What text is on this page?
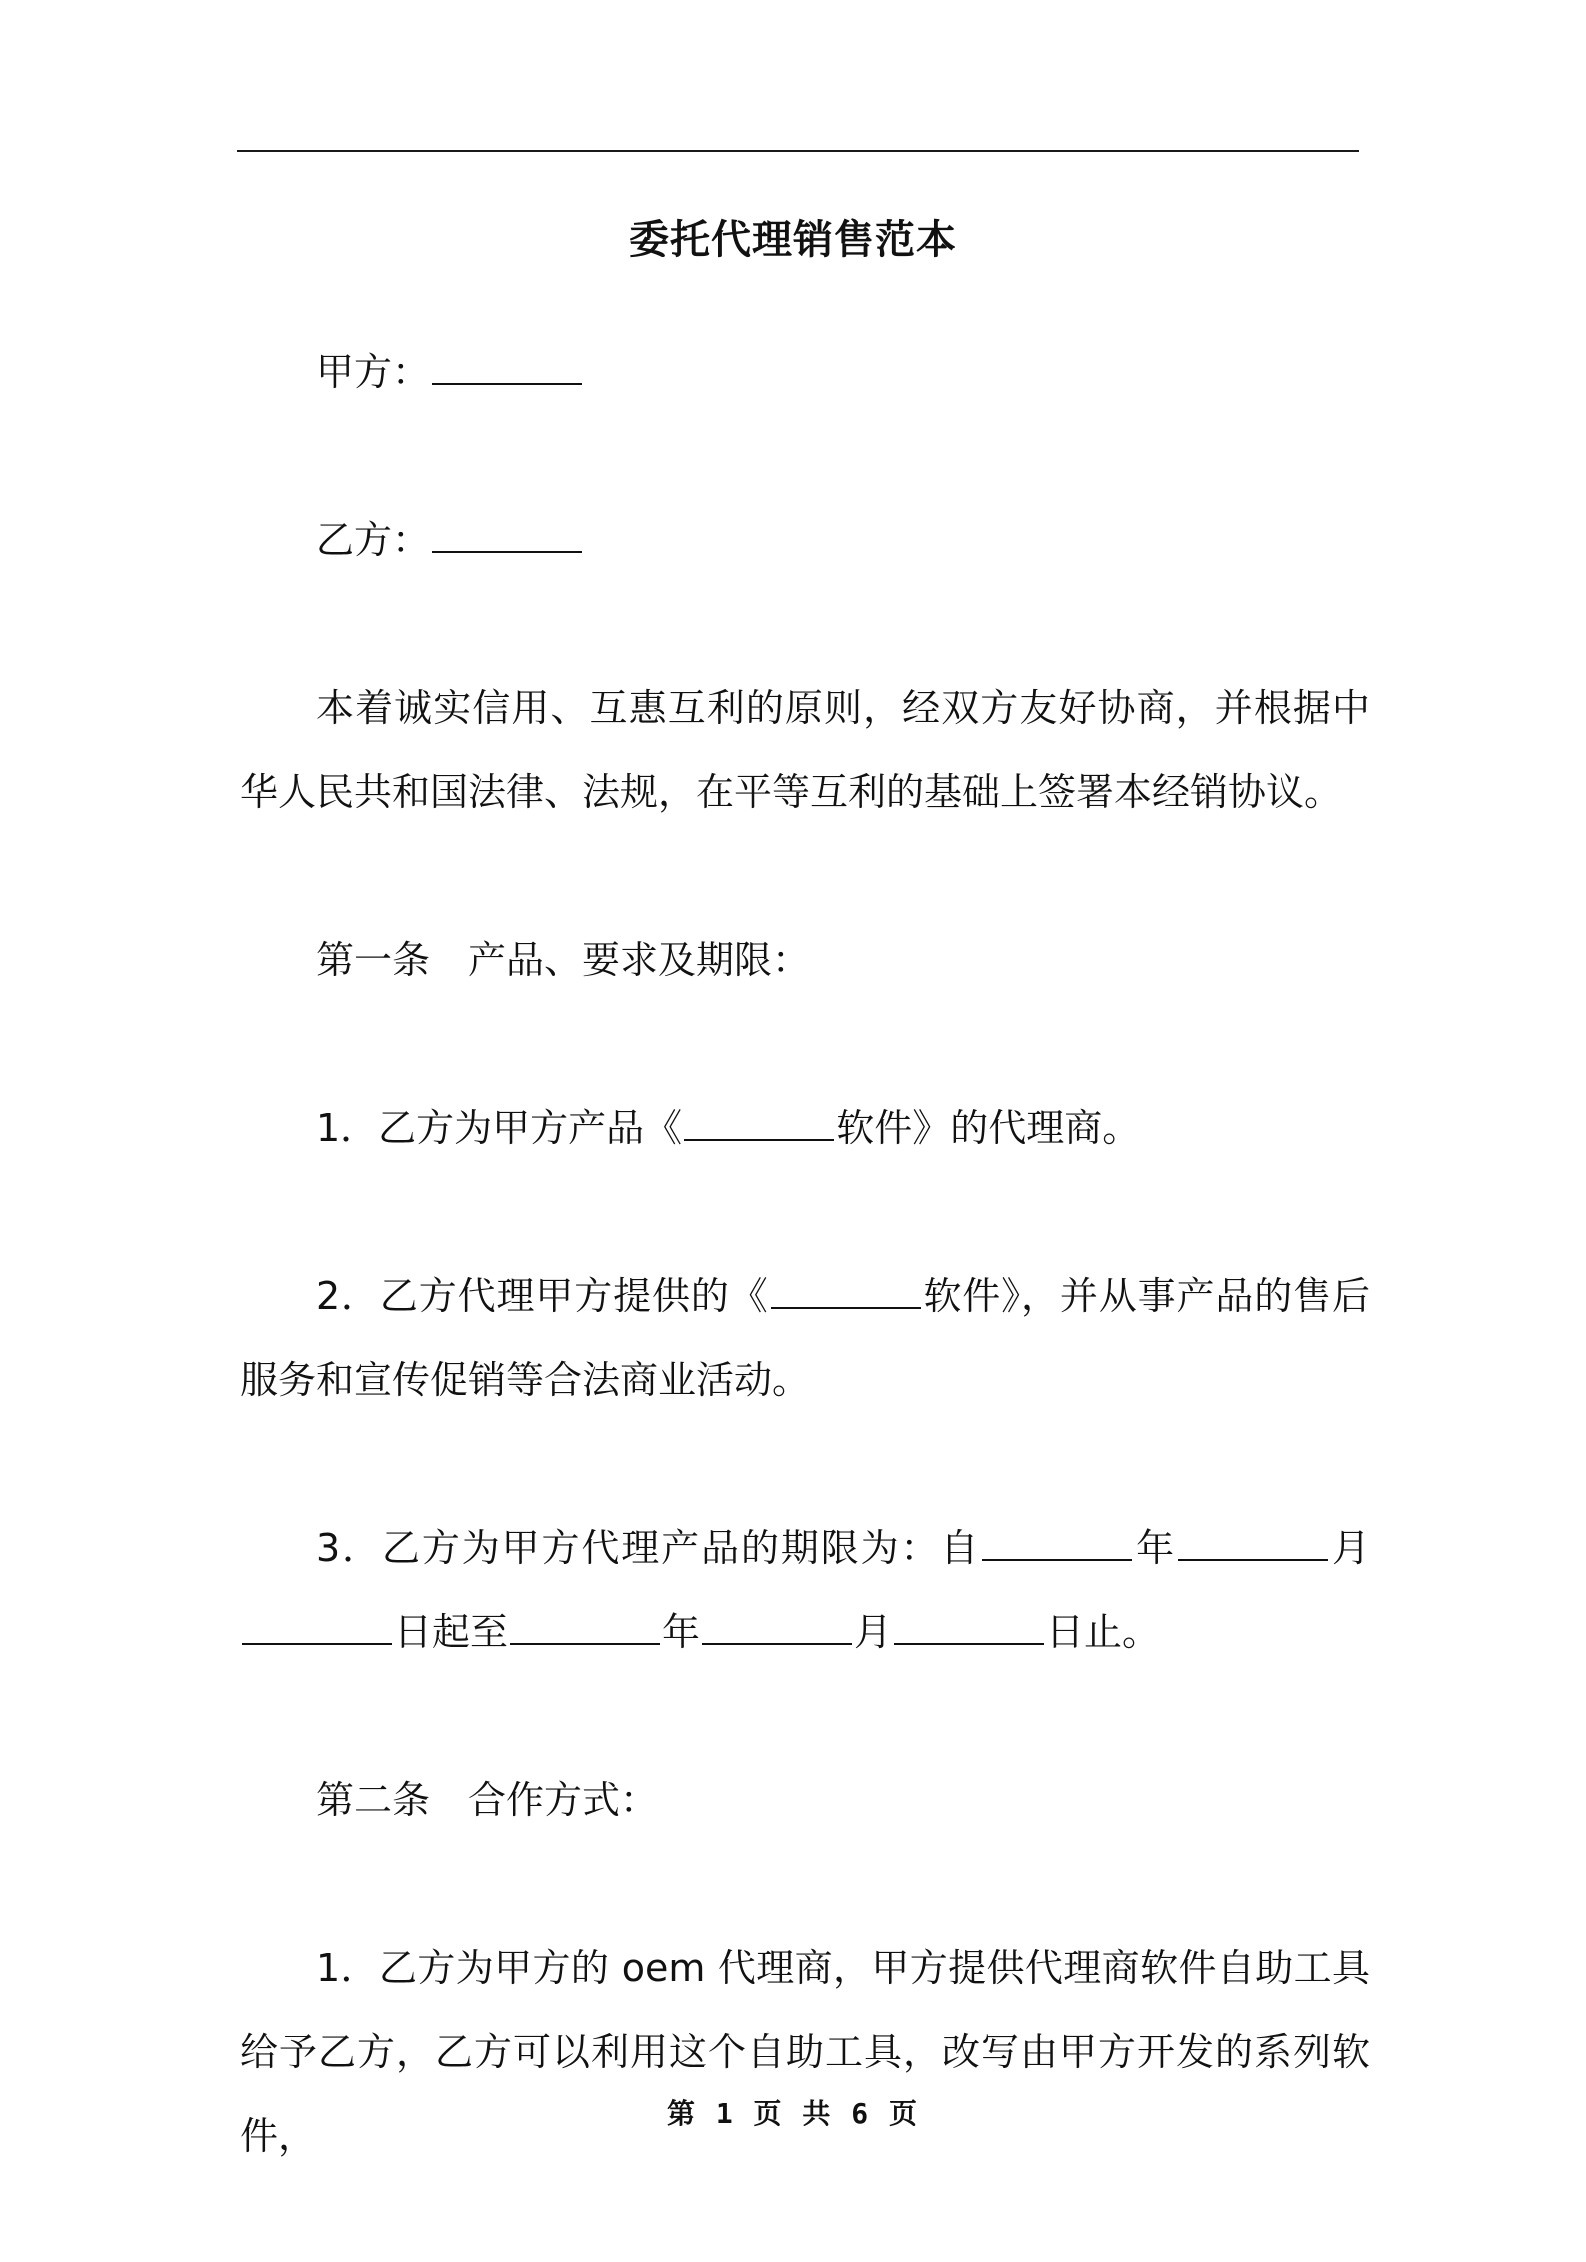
委托代理销售范本

甲方：

乙方：

本着诚实信用、互惠互利的原则，经双方友好协商，并根据中华人民共和国法律、法规，在平等互利的基础上签署本经销协议。

第一条　产品、要求及期限：

1．乙方为甲方产品《	软件》的代理商。

2．乙方代理甲方提供的《	软件》，并从事产品的售后服务和宣传促销等合法商业活动。

3．乙方为甲方代理产品的期限为：自	年	月日起至	年	月	日止。

第二条　合作方式：

1．乙方为甲方的 oem 代理商，甲方提供代理商软件自助工具给予乙方，乙方可以利用这个自助工具，改写由甲方开发的系列软件，

第 1 页 共 6 页
